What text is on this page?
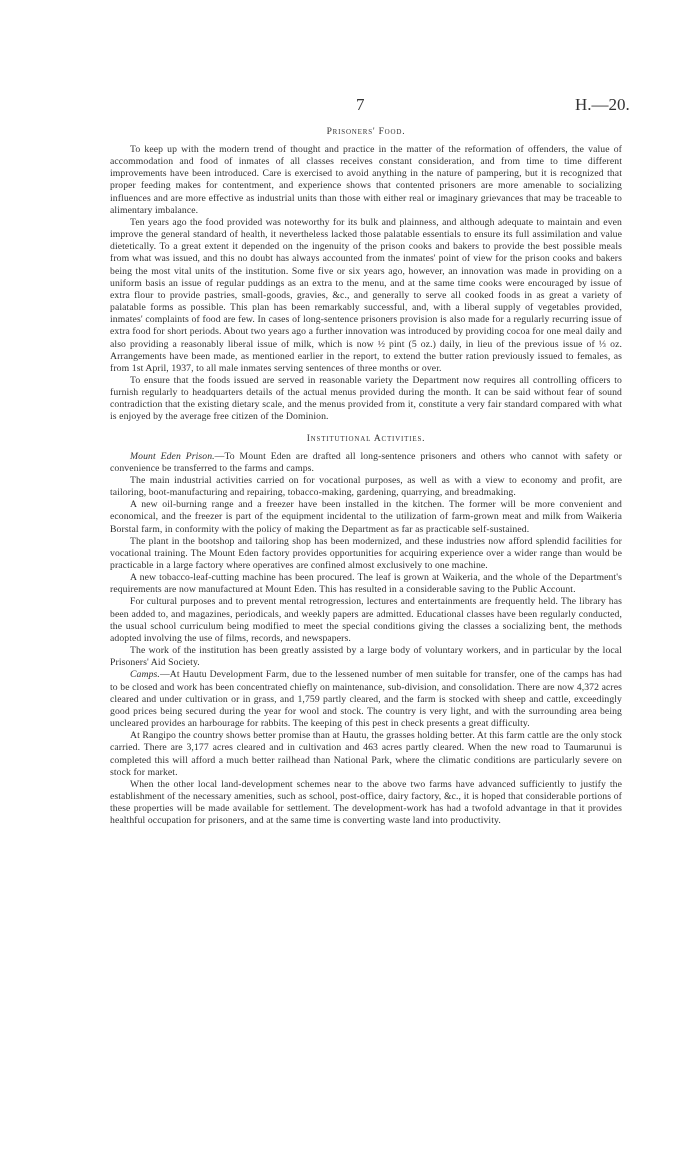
7	H.—20.
Prisoners' Food.

To keep up with the modern trend of thought and practice in the matter of the reformation of offenders, the value of accommodation and food of inmates of all classes receives constant consideration, and from time to time different improvements have been introduced. Care is exercised to avoid anything in the nature of pampering, but it is recognized that proper feeding makes for contentment, and experience shows that contented prisoners are more amenable to socializing influences and are more effective as industrial units than those with either real or imaginary grievances that may be traceable to alimentary imbalance.

Ten years ago the food provided was noteworthy for its bulk and plainness, and although adequate to maintain and even improve the general standard of health, it nevertheless lacked those palatable essentials to ensure its full assimilation and value dietetically. To a great extent it depended on the ingenuity of the prison cooks and bakers to provide the best possible meals from what was issued, and this no doubt has always accounted from the inmates' point of view for the prison cooks and bakers being the most vital units of the institution. Some five or six years ago, however, an innovation was made in providing on a uniform basis an issue of regular puddings as an extra to the menu, and at the same time cooks were encouraged by issue of extra flour to provide pastries, small-goods, gravies, &c., and generally to serve all cooked foods in as great a variety of palatable forms as possible. This plan has been remarkably successful, and, with a liberal supply of vegetables provided, inmates' complaints of food are few. In cases of long-sentence prisoners provision is also made for a regularly recurring issue of extra food for short periods. About two years ago a further innovation was introduced by providing cocoa for one meal daily and also providing a reasonably liberal issue of milk, which is now ½ pint (5 oz.) daily, in lieu of the previous issue of ⅓ oz. Arrangements have been made, as mentioned earlier in the report, to extend the butter ration previously issued to females, as from 1st April, 1937, to all male inmates serving sentences of three months or over.

To ensure that the foods issued are served in reasonable variety the Department now requires all controlling officers to furnish regularly to headquarters details of the actual menus provided during the month. It can be said without fear of sound contradiction that the existing dietary scale, and the menus provided from it, constitute a very fair standard compared with what is enjoyed by the average free citizen of the Dominion.

Institutional Activities.

Mount Eden Prison.—To Mount Eden are drafted all long-sentence prisoners and others who cannot with safety or convenience be transferred to the farms and camps.

The main industrial activities carried on for vocational purposes, as well as with a view to economy and profit, are tailoring, boot-manufacturing and repairing, tobacco-making, gardening, quarrying, and breadmaking.

A new oil-burning range and a freezer have been installed in the kitchen. The former will be more convenient and economical, and the freezer is part of the equipment incidental to the utilization of farm-grown meat and milk from Waikeria Borstal farm, in conformity with the policy of making the Department as far as practicable self-sustained.

The plant in the bootshop and tailoring shop has been modernized, and these industries now afford splendid facilities for vocational training. The Mount Eden factory provides opportunities for acquiring experience over a wider range than would be practicable in a large factory where operatives are confined almost exclusively to one machine.

A new tobacco-leaf-cutting machine has been procured. The leaf is grown at Waikeria, and the whole of the Department's requirements are now manufactured at Mount Eden. This has resulted in a considerable saving to the Public Account.

For cultural purposes and to prevent mental retrogression, lectures and entertainments are frequently held. The library has been added to, and magazines, periodicals, and weekly papers are admitted. Educational classes have been regularly conducted, the usual school curriculum being modified to meet the special conditions giving the classes a socializing bent, the methods adopted involving the use of films, records, and newspapers.

The work of the institution has been greatly assisted by a large body of voluntary workers, and in particular by the local Prisoners' Aid Society.

Camps.—At Hautu Development Farm, due to the lessened number of men suitable for transfer, one of the camps has had to be closed and work has been concentrated chiefly on maintenance, sub-division, and consolidation. There are now 4,372 acres cleared and under cultivation or in grass, and 1,759 partly cleared, and the farm is stocked with sheep and cattle, exceedingly good prices being secured during the year for wool and stock. The country is very light, and with the surrounding area being uncleared provides an harbourage for rabbits. The keeping of this pest in check presents a great difficulty.

At Rangipo the country shows better promise than at Hautu, the grasses holding better. At this farm cattle are the only stock carried. There are 3,177 acres cleared and in cultivation and 463 acres partly cleared. When the new road to Taumarunui is completed this will afford a much better railhead than National Park, where the climatic conditions are particularly severe on stock for market.

When the other local land-development schemes near to the above two farms have advanced sufficiently to justify the establishment of the necessary amenities, such as school, post-office, dairy factory, &c., it is hoped that considerable portions of these properties will be made available for settlement. The development-work has had a twofold advantage in that it provides healthful occupation for prisoners, and at the same time is converting waste land into productivity.
